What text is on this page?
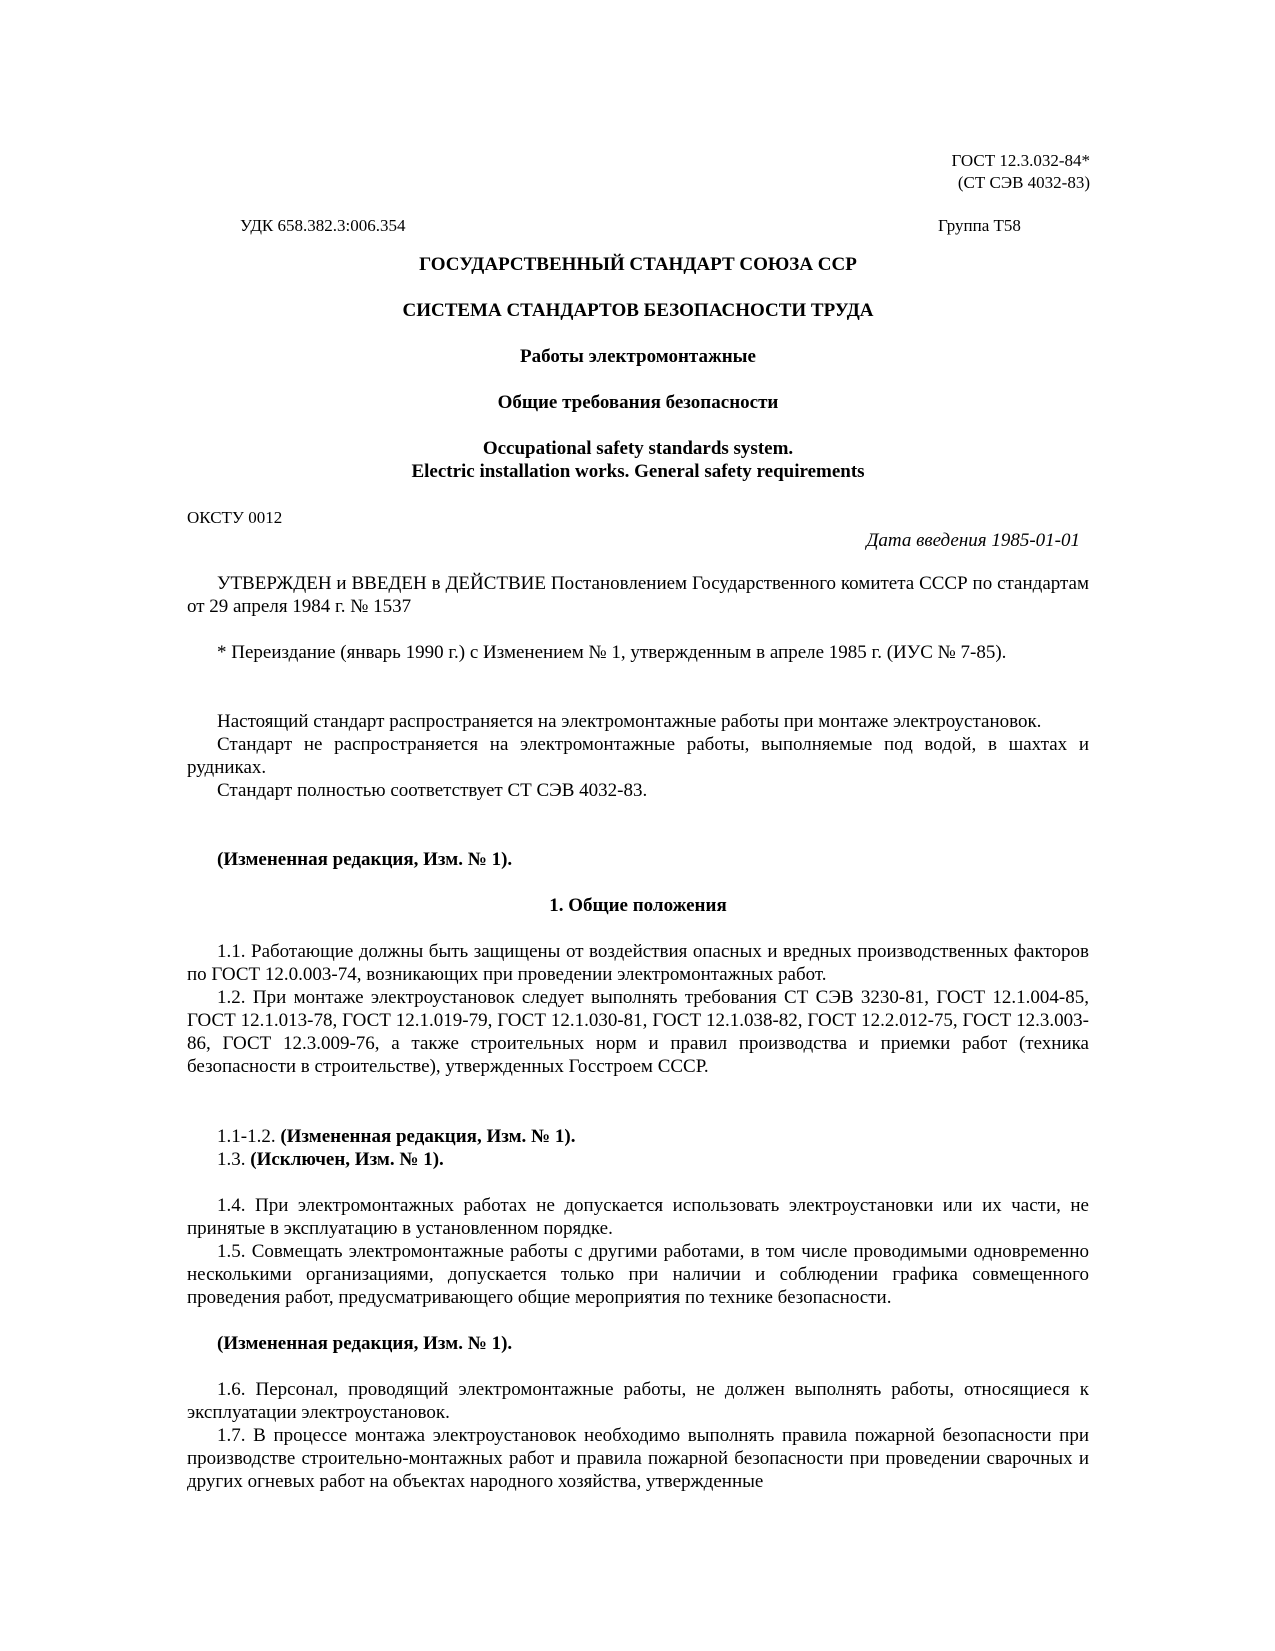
ГОСТ 12.3.032-84*
(СТ СЭВ 4032-83)
УДК 658.382.3:006.354	Группа Т58
ГОСУДАРСТВЕННЫЙ СТАНДАРТ СОЮЗА ССР
СИСТЕМА СТАНДАРТОВ БЕЗОПАСНОСТИ ТРУДА
Работы электромонтажные
Общие требования безопасности
Occupational safety standards system.
Electric installation works. General safety requirements
ОКСТУ 0012
Дата введения 1985-01-01

УТВЕРЖДЕН и ВВЕДЕН в ДЕЙСТВИЕ Постановлением Государственного комитета СССР по стандартам от 29 апреля 1984 г. № 1537

* Переиздание (январь 1990 г.) с Изменением № 1, утвержденным в апреле 1985 г. (ИУС № 7-85).

Настоящий стандарт распространяется на электромонтажные работы при монтаже электроустановок.

Стандарт не распространяется на электромонтажные работы, выполняемые под водой, в шахтах и рудниках.

Стандарт полностью соответствует СТ СЭВ 4032-83.

(Измененная редакция, Изм. № 1).

1. Общие положения

1.1. Работающие должны быть защищены от воздействия опасных и вредных производственных факторов по ГОСТ 12.0.003-74, возникающих при проведении электромонтажных работ.

1.2. При монтаже электроустановок следует выполнять требования СТ СЭВ 3230-81, ГОСТ 12.1.004-85, ГОСТ 12.1.013-78, ГОСТ 12.1.019-79, ГОСТ 12.1.030-81, ГОСТ 12.1.038-82, ГОСТ 12.2.012-75, ГОСТ 12.3.003-86, ГОСТ 12.3.009-76, а также строительных норм и правил производства и приемки работ (техника безопасности в строительстве), утвержденных Госстроем СССР.

1.1-1.2. (Измененная редакция, Изм. № 1).

1.3. (Исключен, Изм. № 1).

1.4. При электромонтажных работах не допускается использовать электроустановки или их части, не принятые в эксплуатацию в установленном порядке.

1.5. Совмещать электромонтажные работы с другими работами, в том числе проводимыми одновременно несколькими организациями, допускается только при наличии и соблюдении графика совмещенного проведения работ, предусматривающего общие мероприятия по технике безопасности.

(Измененная редакция, Изм. № 1).

1.6. Персонал, проводящий электромонтажные работы, не должен выполнять работы, относящиеся к эксплуатации электроустановок.

1.7. В процессе монтажа электроустановок необходимо выполнять правила пожарной безопасности при производстве строительно-монтажных работ и правила пожарной безопасности при проведении сварочных и других огневых работ на объектах народного хозяйства, утвержденные
